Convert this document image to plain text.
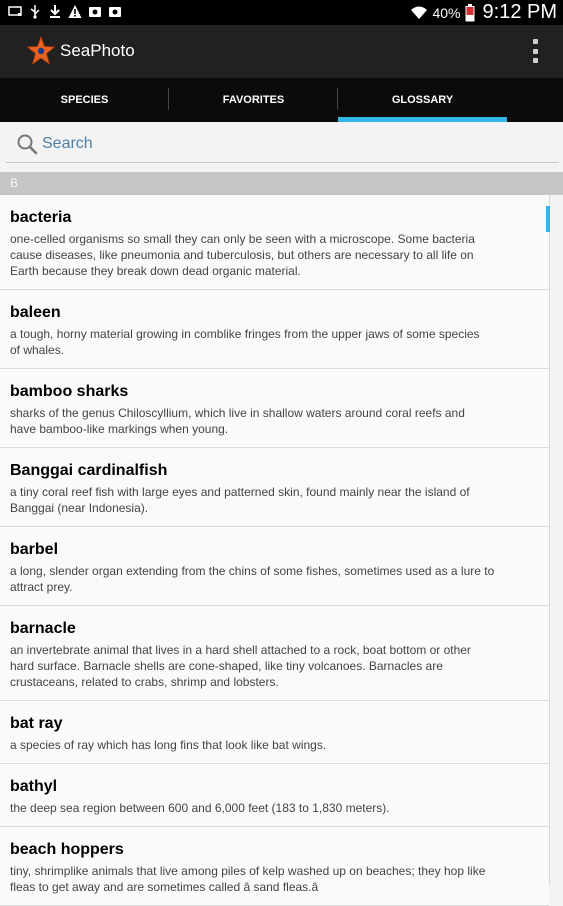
40% 9:12 PM
SeaPhoto
SPECIES	FAVORITES	GLOSSARY
Search
B
bacteria
one-celled organisms so small they can only be seen with a microscope. Some bacteria
cause diseases, like pneumonia and tuberculosis, but others are necessary to all life on
Earth because they break down dead organic material.
baleen
a tough, horny material growing in comblike fringes from the upper jaws of some species
of whales.
bamboo sharks
sharks of the genus Chiloscyllium, which live in shallow waters around coral reefs and
have bamboo-like markings when young.
Banggai cardinalfish
a tiny coral reef fish with large eyes and patterned skin, found mainly near the island of
Banggai (near Indonesia).
barbel
a long, slender organ extending from the chins of some fishes, sometimes used as a lure to
attract prey.
barnacle
an invertebrate animal that lives in a hard shell attached to a rock, boat bottom or other
hard surface. Barnacle shells are cone-shaped, like tiny volcanoes. Barnacles are
crustaceans, related to crabs, shrimp and lobsters.
bat ray
a species of ray which has long fins that look like bat wings.
bathyl
the deep sea region between 600 and 6,000 feet (183 to 1,830 meters).
beach hoppers
tiny, shrimplike animals that live among piles of kelp washed up on beaches; they hop like
fleas to get away and are sometimes called â sand fleas.â
